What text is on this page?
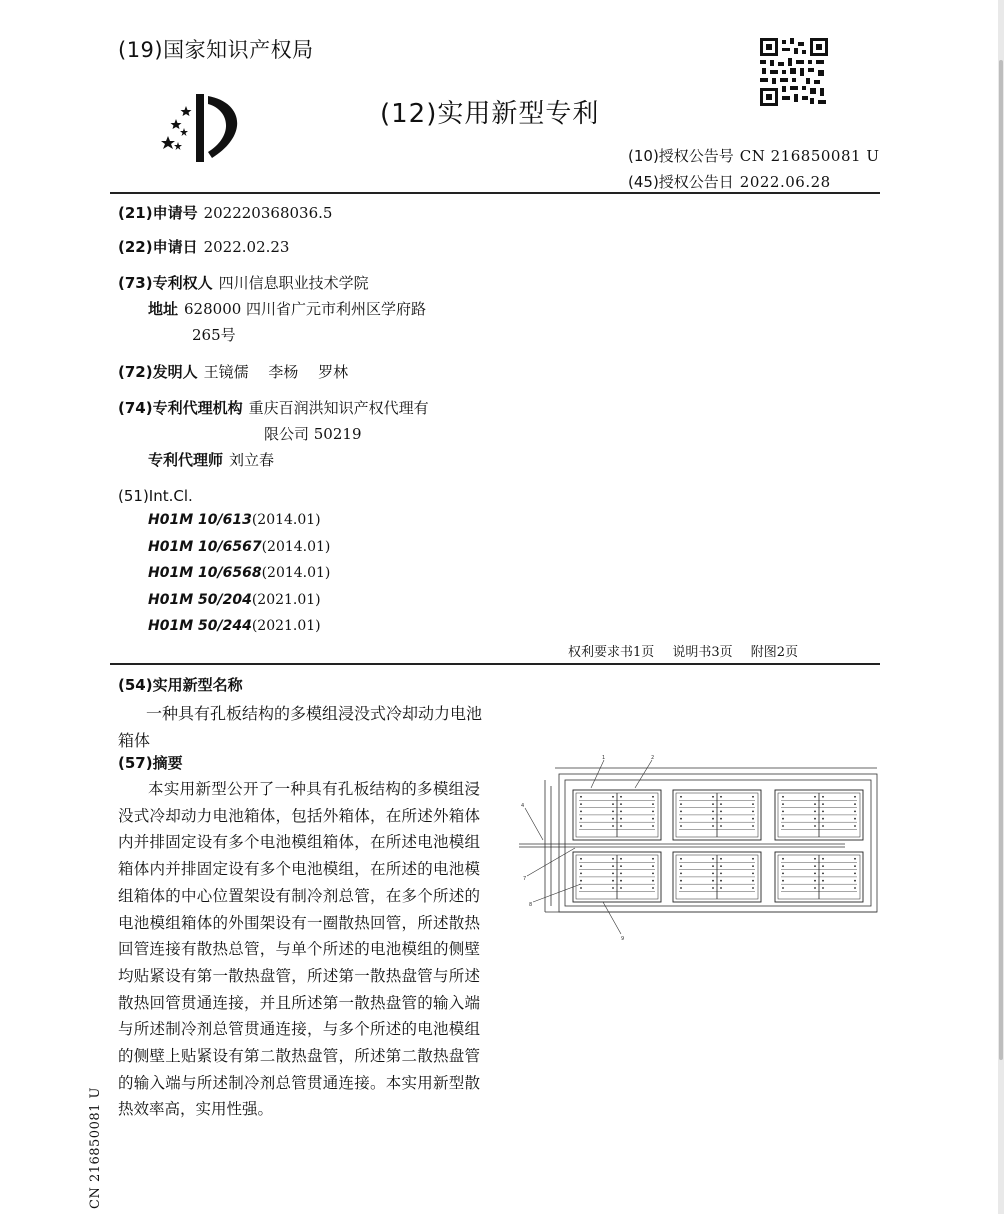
(19)国家知识产权局
(12)实用新型专利
(10)授权公告号 CN 216850081 U
(45)授权公告日 2022.06.28
(21)申请号 202220368036.5
(22)申请日 2022.02.23
(73)专利权人 四川信息职业技术学院
地址 628000 四川省广元市利州区学府路
265号
(72)发明人 王镜儒　 李杨　 罗林
(74)专利代理机构 重庆百润洪知识产权代理有
限公司 50219
专利代理师 刘立春
(51)Int.Cl.
H01M 10/613(2014.01)
H01M 10/6567(2014.01)
H01M 10/6568(2014.01)
H01M 50/204(2021.01)
H01M 50/244(2021.01)
权利要求书1页 说明书3页 附图2页
(54)实用新型名称
一种具有孔板结构的多模组浸没式冷却动力电池箱体
(57)摘要
本实用新型公开了一种具有孔板结构的多模组浸没式冷却动力电池箱体，包括外箱体，在所述外箱体内并排固定设有多个电池模组箱体，在所述电池模组箱体内并排固定设有多个电池模组，在所述的电池模组箱体的中心位置架设有制冷剂总管，在多个所述的电池模组箱体的外围架设有一圈散热回管，所述散热回管连接有散热总管，与单个所述的电池模组的侧壁均贴紧设有第一散热盘管，所述第一散热盘管与所述散热回管贯通连接，并且所述第一散热盘管的输入端与所述制冷剂总管贯通连接，与多个所述的电池模组的侧壁上贴紧设有第二散热盘管，所述第二散热盘管的输入端与所述制冷剂总管贯通连接。本实用新型散热效率高，实用性强。
1	2
4
7
8
9
CN 216850081 U
